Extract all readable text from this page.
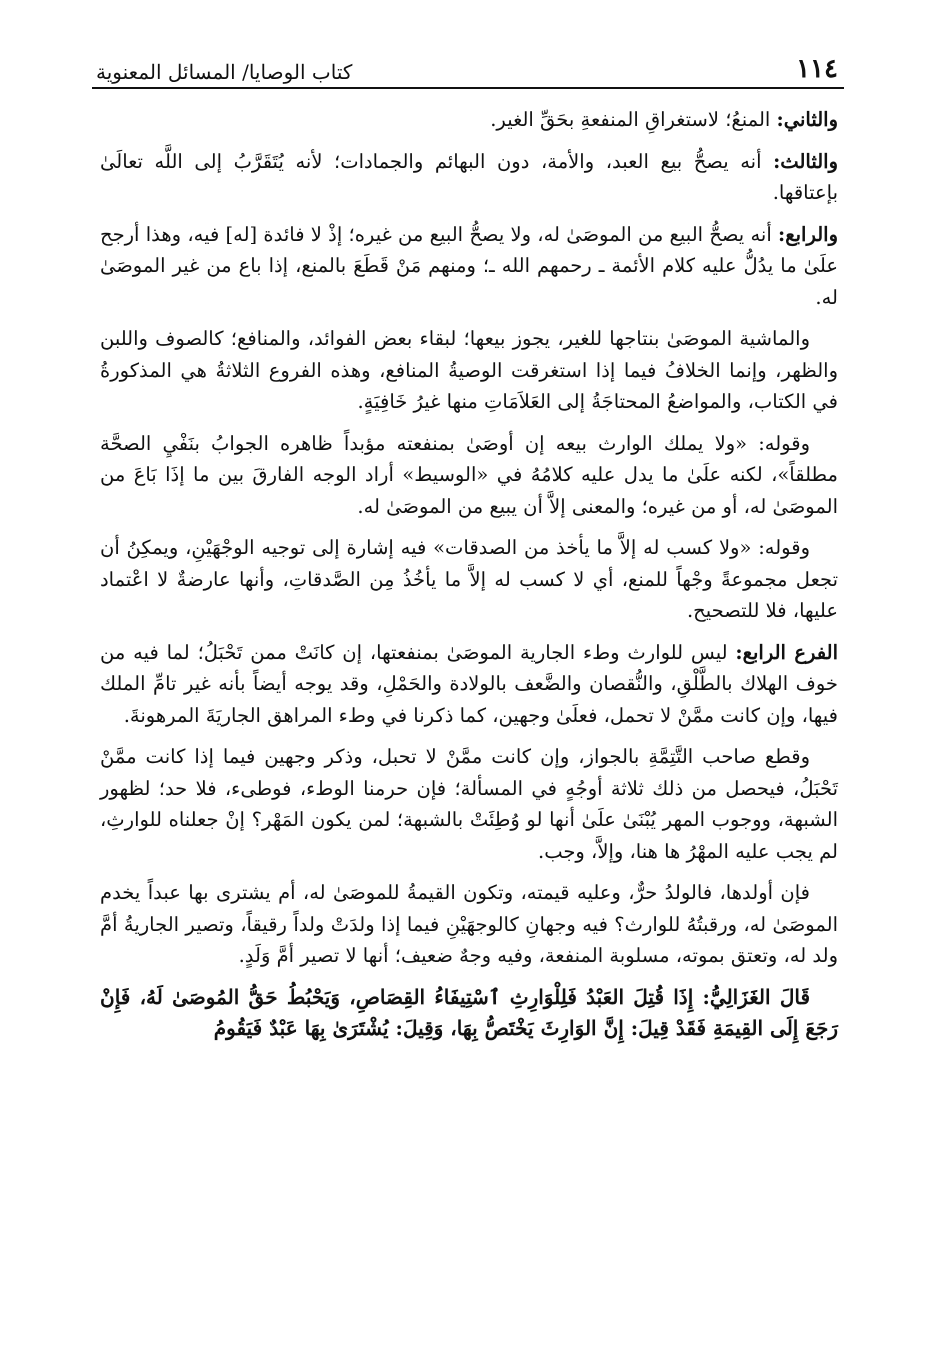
١١٤
كتاب الوصايا/ المسائل المعنوية

والثاني: المنعُ؛ لاستغراقِ المنفعةِ بحَقِّ الغير.

والثالث: أنه يصحُّ بيع العبد، والأمة، دون البهائم والجمادات؛ لأنه يُتَقَرَّبُ إلى اللَّه تعالَىٰ بإعتاقها.

والرابع: أنه يصحُّ البيع من الموصَىٰ له، ولا يصحُّ البيع من غيره؛ إذْ لا فائدة [له] فيه، وهذا أرجح علَىٰ ما يدُلُّ عليه كلام الأئمة ـ رحمهم الله ـ؛ ومنهم مَنْ قَطَعَ بالمنع، إذا باع من غير الموصَىٰ له.

والماشية الموصَىٰ بنتاجها للغير، يجوز بيعها؛ لبقاء بعض الفوائد، والمنافع؛ كالصوف واللبن والظهر، وإنما الخلافُ فيما إذا استغرقت الوصيةُ المنافع، وهذه الفروع الثلاثةُ هي المذكورةُ في الكتاب، والمواضعُ المحتاجَةُ إلى العَلاَمَاتِ منها غيرُ خَافِيَةٍ.

وقوله: «ولا يملك الوارث بيعه إن أوصَىٰ بمنفعته مؤبداً ظاهره الجوابُ بنَفْيِ الصحَّة مطلقاً»، لكنه علَىٰ ما يدل عليه كلامُهُ في «الوسيط» أراد الوجه الفارقَ بين ما إذَا بَاعَ من الموصَىٰ له، أو من غيره؛ والمعنى إلاَّ أن يبيع من الموصَىٰ له.

وقوله: «ولا كسب له إلاَّ ما يأخذ من الصدقات» فيه إشارة إلى توجيه الوجْهَيْنِ، ويمكِنُ أن تجعل مجموعةً وجْهاً للمنع، أي لا كسب له إلاَّ ما يأخُذُ مِن الصَّدقاتِ، وأنها عارضةٌ لا اعْتماد عليها، فلا للتصحيح.

الفرع الرابع: ليس للوارث وطء الجارية الموصَىٰ بمنفعتها، إن كانَتْ ممن تَحْبَلُ؛ لما فيه من خوف الهلاك بالطَّلْقِ، والنُّقصان والضَّعف بالولادة والحَمْلِ، وقد يوجه أيضاً بأنه غير تامِّ الملك فيها، وإن كانت ممَّنْ لا تحمل، فعلَىٰ وجهين، كما ذكرنا في وطء المراهق الجاريَةَ المرهونةَ.

وقطع صاحب التَّتِمَّةِ بالجواز، وإن كانت ممَّنْ لا تحبل، وذكر وجهين فيما إذا كانت ممَّنْ تَحْبَلُ، فيحصل من ذلك ثلاثة أوجُهٍ في المسألة؛ فإن حرمنا الوطء، فوطىء، فلا حد؛ لظهور الشبهة، ووجوب المهر يُبْنَىٰ علَىٰ أنها لو وُطِئَتْ بالشبهة؛ لمن يكون المَهْر؟ إنْ جعلناه للوارثِ، لم يجب عليه المهْرُ ها هنا، وإلاَّ، وجب.

فإن أولدها، فالولدُ حرٌّ، وعليه قيمته، وتكون القيمةُ للموصَىٰ له، أم يشترى بها عبداً يخدم الموصَىٰ له، ورقبتُهُ للوارث؟ فيه وجهانِ كالوجهَيْنِ فيما إذا ولدَتْ ولداً رقيقاً، وتصير الجاريةُ أمَّ ولد له، وتعتق بموته، مسلوبة المنفعة، وفيه وجهٌ ضعيف؛ أنها لا تصير أمَّ وَلَدٍ.

قَالَ الغَزَالِيُّ: إِذَا قُتِلَ العَبْدُ فَلِلْوَارِثِ ٱسْتِيفَاءُ القِصَاصِ، وَيَحْبُطُ حَقُّ المُوصَىٰ لَهُ، فَإِنْ رَجَعَ إِلَى القِيمَةِ فَقَدْ قِيلَ: إِنَّ الوَارِثَ يَخْتَصُّ بِهَا، وَقِيلَ: يُشْتَرَىٰ بِهَا عَبْدٌ فَيَقُومُ
